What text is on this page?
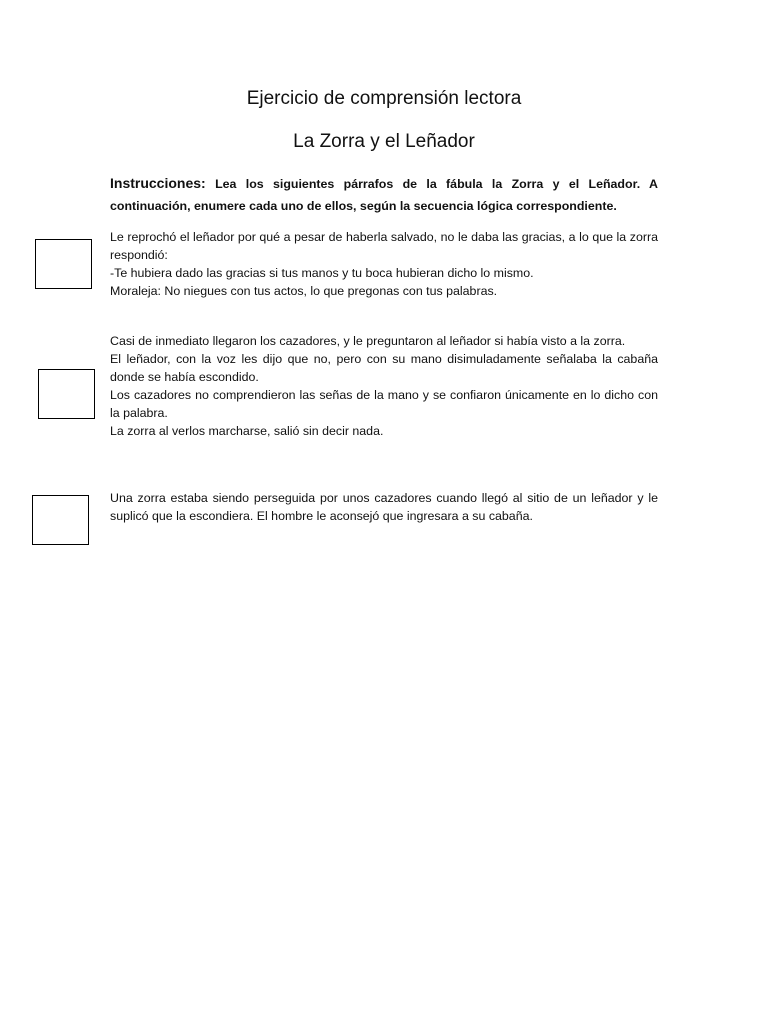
Ejercicio de comprensión lectora
La Zorra y el Leñador

Instrucciones: Lea los siguientes párrafos de la fábula la Zorra y el Leñador. A continuación, enumere cada uno de ellos, según la secuencia lógica correspondiente.

Le reprochó el leñador por qué a pesar de haberla salvado, no le daba las gracias, a lo que la zorra respondió:

-Te hubiera dado las gracias si tus manos y tu boca hubieran dicho lo mismo.

Moraleja: No niegues con tus actos, lo que pregonas con tus palabras.

Casi de inmediato llegaron los cazadores, y le preguntaron al leñador si había visto a la zorra.

El leñador, con la voz les dijo que no, pero con su mano disimuladamente señalaba la cabaña donde se había escondido.

Los cazadores no comprendieron las señas de la mano y se confiaron únicamente en lo dicho con la palabra.

La zorra al verlos marcharse, salió sin decir nada.

Una zorra estaba siendo perseguida por unos cazadores cuando llegó al sitio de un leñador y le suplicó que la escondiera. El hombre le aconsejó que ingresara a su cabaña.
